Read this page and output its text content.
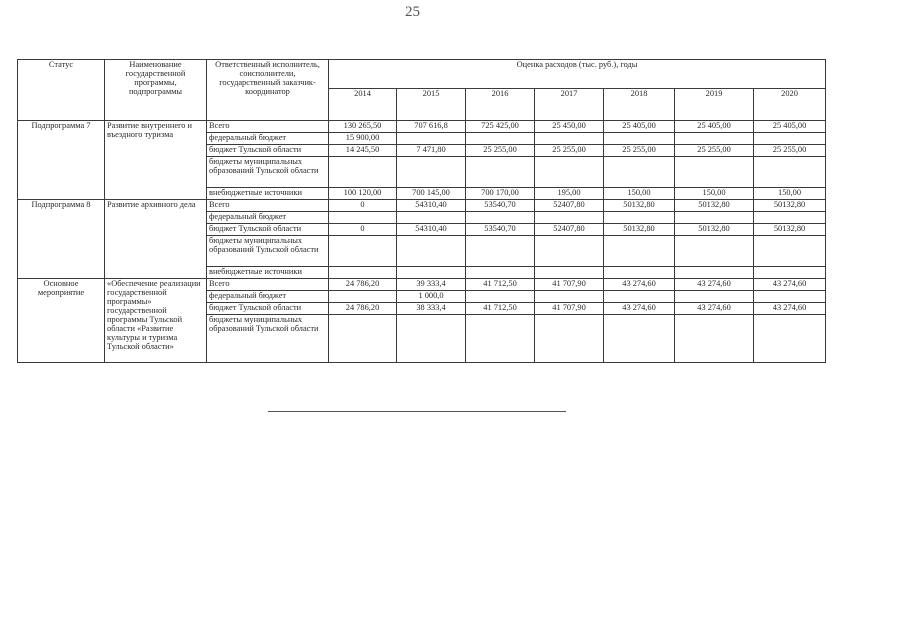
25
Статус	Наименование государственной программы, подпрограммы	Ответственный исполнитель, соисполнители, государственный заказчик-координатор	Оценка расходов (тыс. руб.), годы						
			2014	2015	2016	2017	2018	2019	2020
Подпрограмма 7	Развитие внутреннего и въездного туризма	Всего	130 265,50	707 616,8	725 425,00	25 450,00	25 405,00	25 405,00	25 405,00
		федеральный бюджет	15 900,00						
		бюджет Тульской области	14 245,50	7 471,80	25 255,00	25 255,00	25 255,00	25 255,00	25 255,00
		бюджеты муниципальных образований Тульской области							
		внебюджетные источники	100 120,00	700 145,00	700 170,00	195,00	150,00	150,00	150,00
Подпрограмма 8	Развитие архивного дела	Всего	0	54310,40	53540,70	52407,80	50132,80	50132,80	50132,80
		федеральный бюджет							
		бюджет Тульской области	0	54310,40	53540,70	52407,80	50132,80	50132,80	50132,80
		бюджеты муниципальных образований Тульской области							
		внебюджетные источники							
Основное мероприятие	«Обеспечение реализации государственной программы» государственной программы Тульской области «Развитие культуры и туризма Тульской области»	Всего	24 786,20	39 333,4	41 712,50	41 707,90	43 274,60	43 274,60	43 274,60
		федеральный бюджет		1 000,0					
		бюджет Тульской области	24 786,20	38 333,4	41 712,50	41 707,90	43 274,60	43 274,60	43 274,60
		бюджеты муниципальных образований Тульской области							
